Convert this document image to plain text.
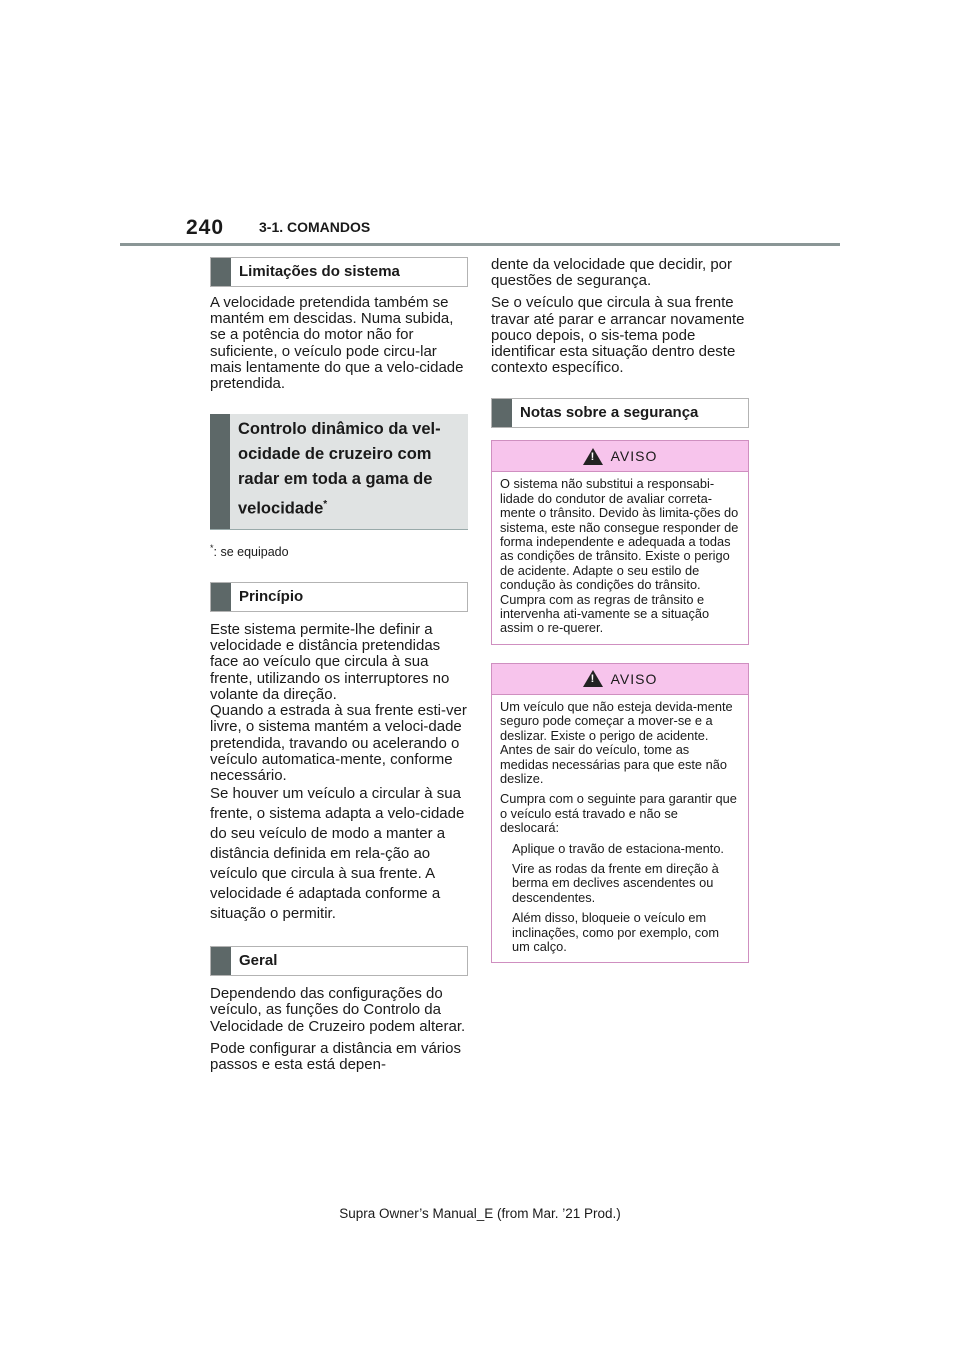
240 3-1. COMANDOS
Limitações do sistema

A velocidade pretendida também se mantém em descidas. Numa subida, se a potência do motor não for suficiente, o veículo pode circu-lar mais lentamente do que a velo-cidade pretendida.

Controlo dinâmico da vel-
ocidade de cruzeiro com
radar em toda a gama de
velocidade*

*: se equipado

Princípio

Este sistema permite-lhe definir a velocidade e distância pretendidas face ao veículo que circula à sua frente, utilizando os interruptores no volante da direção.

Quando a estrada à sua frente esti-ver livre, o sistema mantém a veloci-dade pretendida, travando ou acelerando o veículo automatica-mente, conforme necessário.

Se houver um veículo a circular à sua frente, o sistema adapta a velo-cidade do seu veículo de modo a manter a distância definida em rela-ção ao veículo que circula à sua frente. A velocidade é adaptada conforme a situação o permitir.

Geral

Dependendo das configurações do veículo, as funções do Controlo da Velocidade de Cruzeiro podem alterar.

Pode configurar a distância em vários passos e esta está depen-

dente da velocidade que decidir, por questões de segurança.

Se o veículo que circula à sua frente travar até parar e arrancar novamente pouco depois, o sis-tema pode identificar esta situação dentro deste contexto específico.

Notas sobre a segurança
!
AVISO

O sistema não substitui a responsabi-lidade do condutor de avaliar correta-mente o trânsito. Devido às limita-ções do sistema, este não consegue responder de forma independente e adequada a todas as condições de trânsito. Existe o perigo de acidente. Adapte o seu estilo de condução às condições do trânsito. Cumpra com as regras de trânsito e intervenha ati-vamente se a situação assim o re-querer.

!
AVISO

Um veículo que não esteja devida-mente seguro pode começar a mover-se e a deslizar. Existe o perigo de acidente. Antes de sair do veículo, tome as medidas necessárias para que este não deslize.

Cumpra com o seguinte para garantir que o veículo está travado e não se deslocará:

Aplique o travão de estaciona-mento.

Vire as rodas da frente em direção à berma em declives ascendentes ou descendentes.

Além disso, bloqueie o veículo em inclinações, como por exemplo, com um calço.

Supra Owner’s Manual_E (from Mar. ’21 Prod.)
